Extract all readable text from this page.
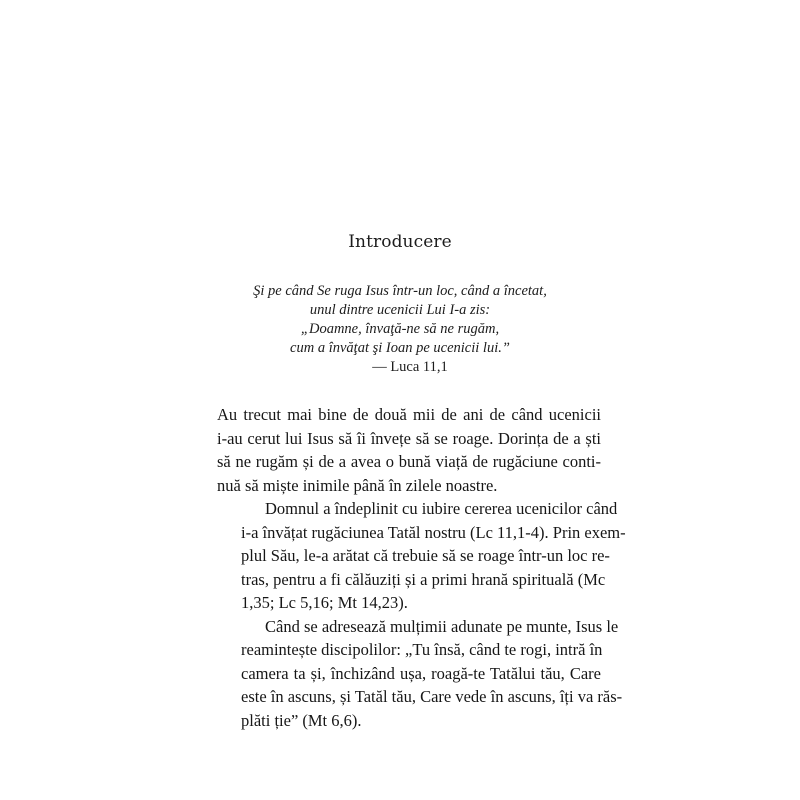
Introducere
Şi pe când Se ruga Isus într-un loc, când a încetat,
unul dintre ucenicii Lui I-a zis:
„Doamne, învaţă-ne să ne rugăm,
cum a învăţat şi Ioan pe ucenicii lui.”
— Luca 11,1

Au trecut mai bine de două mii de ani de când ucenicii
i-au cerut lui Isus să îi învețe să se roage. Dorința de a ști
să ne rugăm și de a avea o bună viață de rugăciune conti-
nuă să miște inimile până în zilele noastre.

Domnul a îndeplinit cu iubire cererea ucenicilor când
i-a învățat rugăciunea Tatăl nostru (Lc 11,1-4). Prin exem-
plul Său, le-a arătat că trebuie să se roage într-un loc re-
tras, pentru a fi călăuziți și a primi hrană spirituală (Mc
1,35; Lc 5,16; Mt 14,23).

Când se adresează mulțimii adunate pe munte, Isus le
reamintește discipolilor: „Tu însă, când te rogi, intră în
camera ta și, închizând ușa, roagă-te Tatălui tău, Care
este în ascuns, și Tatăl tău, Care vede în ascuns, îți va răs-
plăti ție” (Mt 6,6).
